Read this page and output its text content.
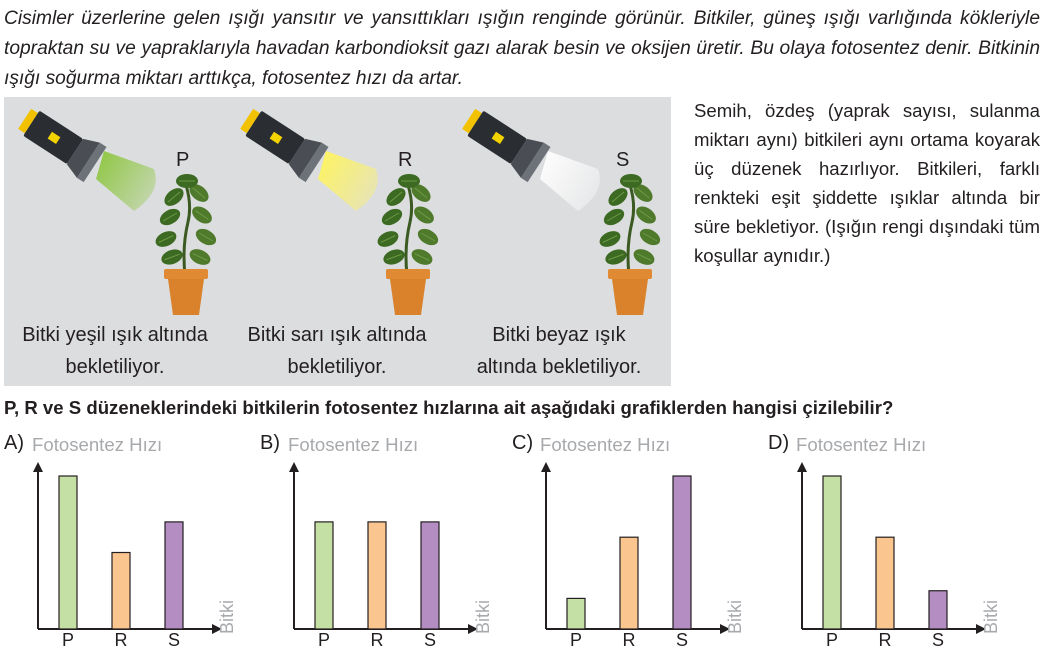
Cisimler üzerlerine gelen ışığı yansıtır ve yansıttıkları ışığın renginde görünür. Bitkiler, güneş ışığı varlığında kökleriyle topraktan su ve yapraklarıyla havadan karbondioksit gazı alarak besin ve oksijen üretir. Bu olaya fotosentez denir. Bitkinin ışığı soğurma miktarı arttıkça, fotosentez hızı da artar.
P
Bitki yeşil ışık altında
bekletiliyor.
R
Bitki sarı ışık altında
bekletiliyor.
S
Bitki beyaz ışık
altında bekletiliyor.
Semih, özdeş (yaprak sayısı, sulanma miktarı aynı) bitkileri aynı ortama koyarak üç düzenek hazırlıyor. Bitkileri, farklı renkteki eşit şiddette ışıklar altında bir süre bekletiyor. (Işığın rengi dışındaki tüm koşullar aynıdır.)
P, R ve S düzeneklerindeki bitkilerin fotosentez hızlarına ait aşağıdaki grafiklerden hangisi çizilebilir?
A) Fotosentez Hızı
P	R	S
Bitki
B) Fotosentez Hızı
P	R	S
Bitki
C) Fotosentez Hızı
P	R	S
Bitki
D) Fotosentez Hızı
P	R	S
Bitki
